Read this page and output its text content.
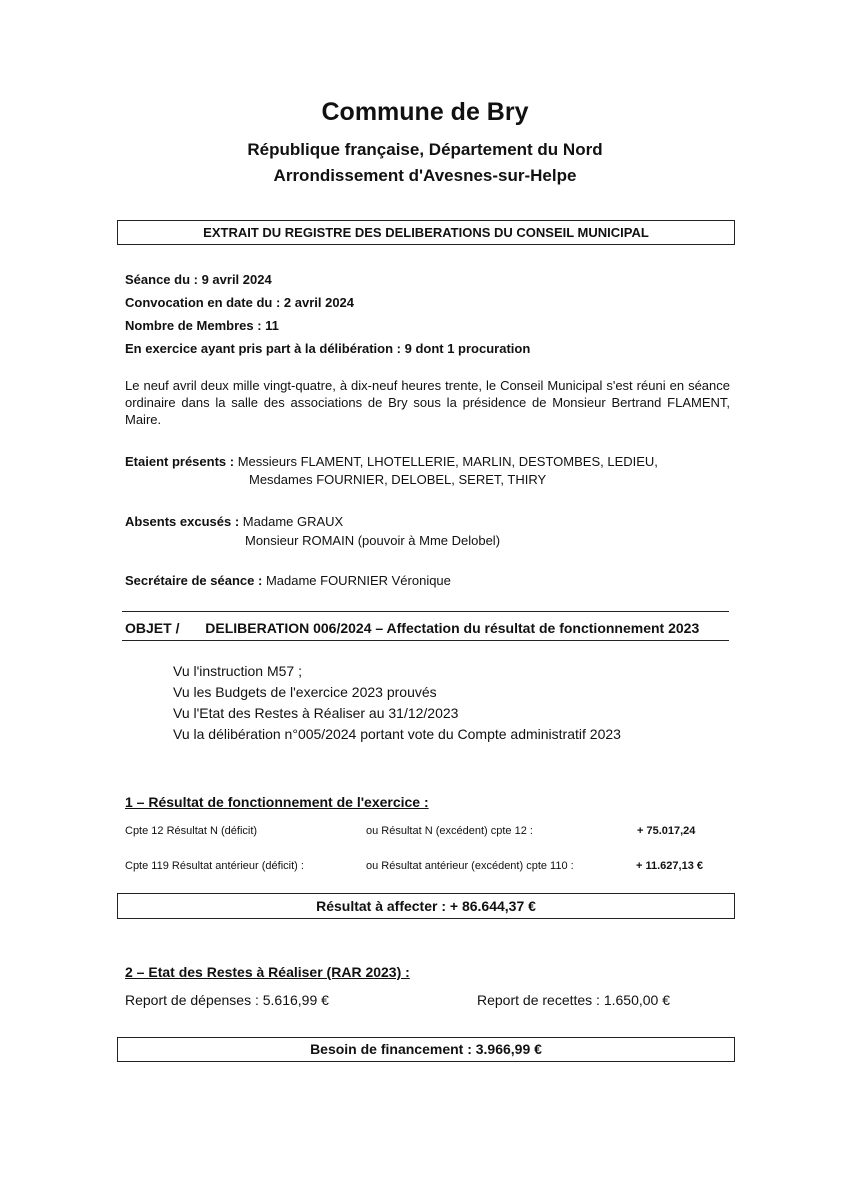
Commune de Bry
République française, Département du Nord
Arrondissement d'Avesnes-sur-Helpe
EXTRAIT DU REGISTRE DES DELIBERATIONS DU CONSEIL MUNICIPAL
Séance du : 9 avril 2024
Convocation en date du : 2 avril 2024
Nombre de Membres : 11
En exercice ayant pris part à la délibération : 9 dont 1 procuration
Le neuf avril deux mille vingt-quatre, à dix-neuf heures trente, le Conseil Municipal s'est réuni en séance ordinaire dans la salle des associations de Bry sous la présidence de Monsieur Bertrand FLAMENT, Maire.
Etaient présents : Messieurs FLAMENT, LHOTELLERIE, MARLIN, DESTOMBES, LEDIEU,
Mesdames FOURNIER, DELOBEL, SERET, THIRY
Absents excusés : Madame GRAUX
Monsieur ROMAIN (pouvoir à Mme Delobel)
Secrétaire de séance : Madame FOURNIER Véronique
OBJET / DELIBERATION 006/2024 – Affectation du résultat de fonctionnement 2023
Vu l'instruction M57 ;
Vu les Budgets de l'exercice 2023 prouvés
Vu l'Etat des Restes à Réaliser au 31/12/2023
Vu la délibération n°005/2024 portant vote du Compte administratif 2023
1 – Résultat de fonctionnement de l'exercice :
Cpte 12 Résultat N (déficit)	ou Résultat N (excédent) cpte 12 :	+ 75.017,24
Cpte 119 Résultat antérieur (déficit) :	ou Résultat antérieur (excédent) cpte 110 :	+ 11.627,13 €
Résultat à affecter : + 86.644,37 €
2 – Etat des Restes à Réaliser (RAR 2023) :
Report de dépenses : 5.616,99 €	Report de recettes : 1.650,00 €
Besoin de financement : 3.966,99 €
